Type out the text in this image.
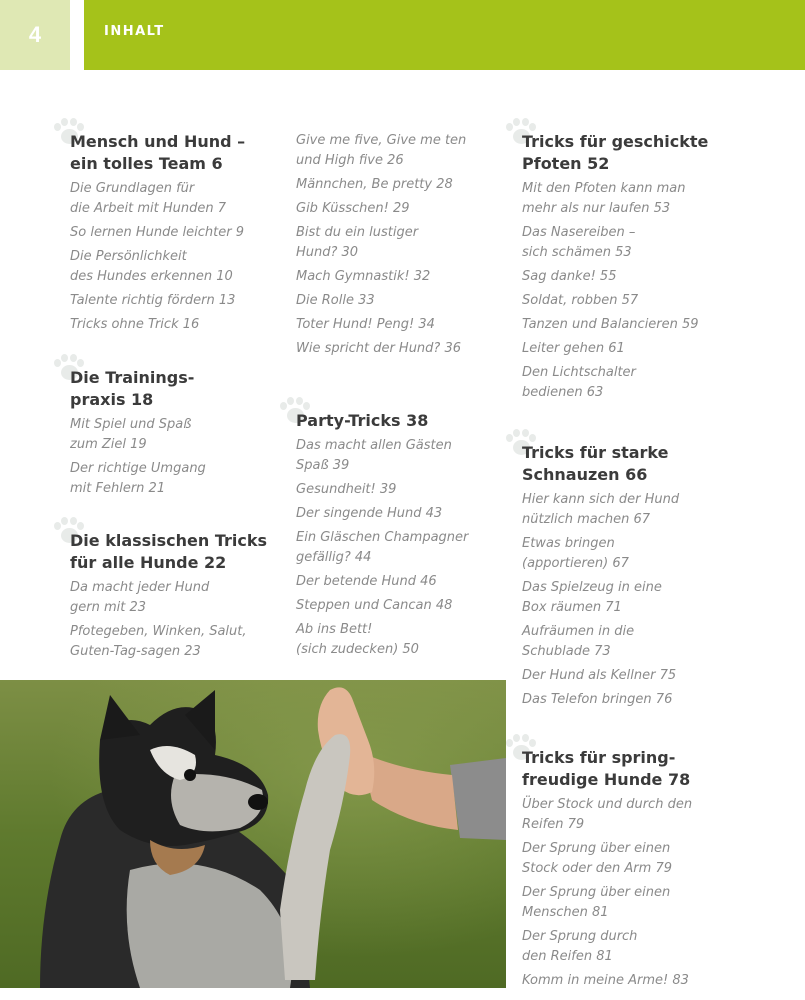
4	INHALT
Mensch und Hund –
ein tolles Team 6
Die Grundlagen für
die Arbeit mit Hunden 7
So lernen Hunde leichter 9
Die Persönlichkeit
des Hundes erkennen 10
Talente richtig fördern 13
Tricks ohne Trick 16
Die Trainings-
praxis 18
Mit Spiel und Spaß
zum Ziel 19
Der richtige Umgang
mit Fehlern 21
Die klassischen Tricks
für alle Hunde 22
Da macht jeder Hund
gern mit 23
Pfotegeben, Winken, Salut,
Guten-Tag-sagen 23
Give me five, Give me ten
und High five 26
Männchen, Be pretty 28
Gib Küsschen! 29
Bist du ein lustiger
Hund? 30
Mach Gymnastik! 32
Die Rolle 33
Toter Hund! Peng! 34
Wie spricht der Hund? 36
Party-Tricks 38
Das macht allen Gästen
Spaß 39
Gesundheit! 39
Der singende Hund 43
Ein Gläschen Champagner
gefällig? 44
Der betende Hund 46
Steppen und Cancan 48
Ab ins Bett!
(sich zudecken) 50
Tricks für geschickte
Pfoten 52
Mit den Pfoten kann man
mehr als nur laufen 53
Das Nasereiben –
sich schämen 53
Sag danke! 55
Soldat, robben 57
Tanzen und Balancieren 59
Leiter gehen 61
Den Lichtschalter
bedienen 63
Tricks für starke
Schnauzen 66
Hier kann sich der Hund
nützlich machen 67
Etwas bringen
(apportieren) 67
Das Spielzeug in eine
Box räumen 71
Aufräumen in die
Schublade 73
Der Hund als Kellner 75
Das Telefon bringen 76
Tricks für spring-
freudige Hunde 78
Über Stock und durch den
Reifen 79
Der Sprung über einen
Stock oder den Arm 79
Der Sprung über einen
Menschen 81
Der Sprung durch
den Reifen 81
Komm in meine Arme! 83
